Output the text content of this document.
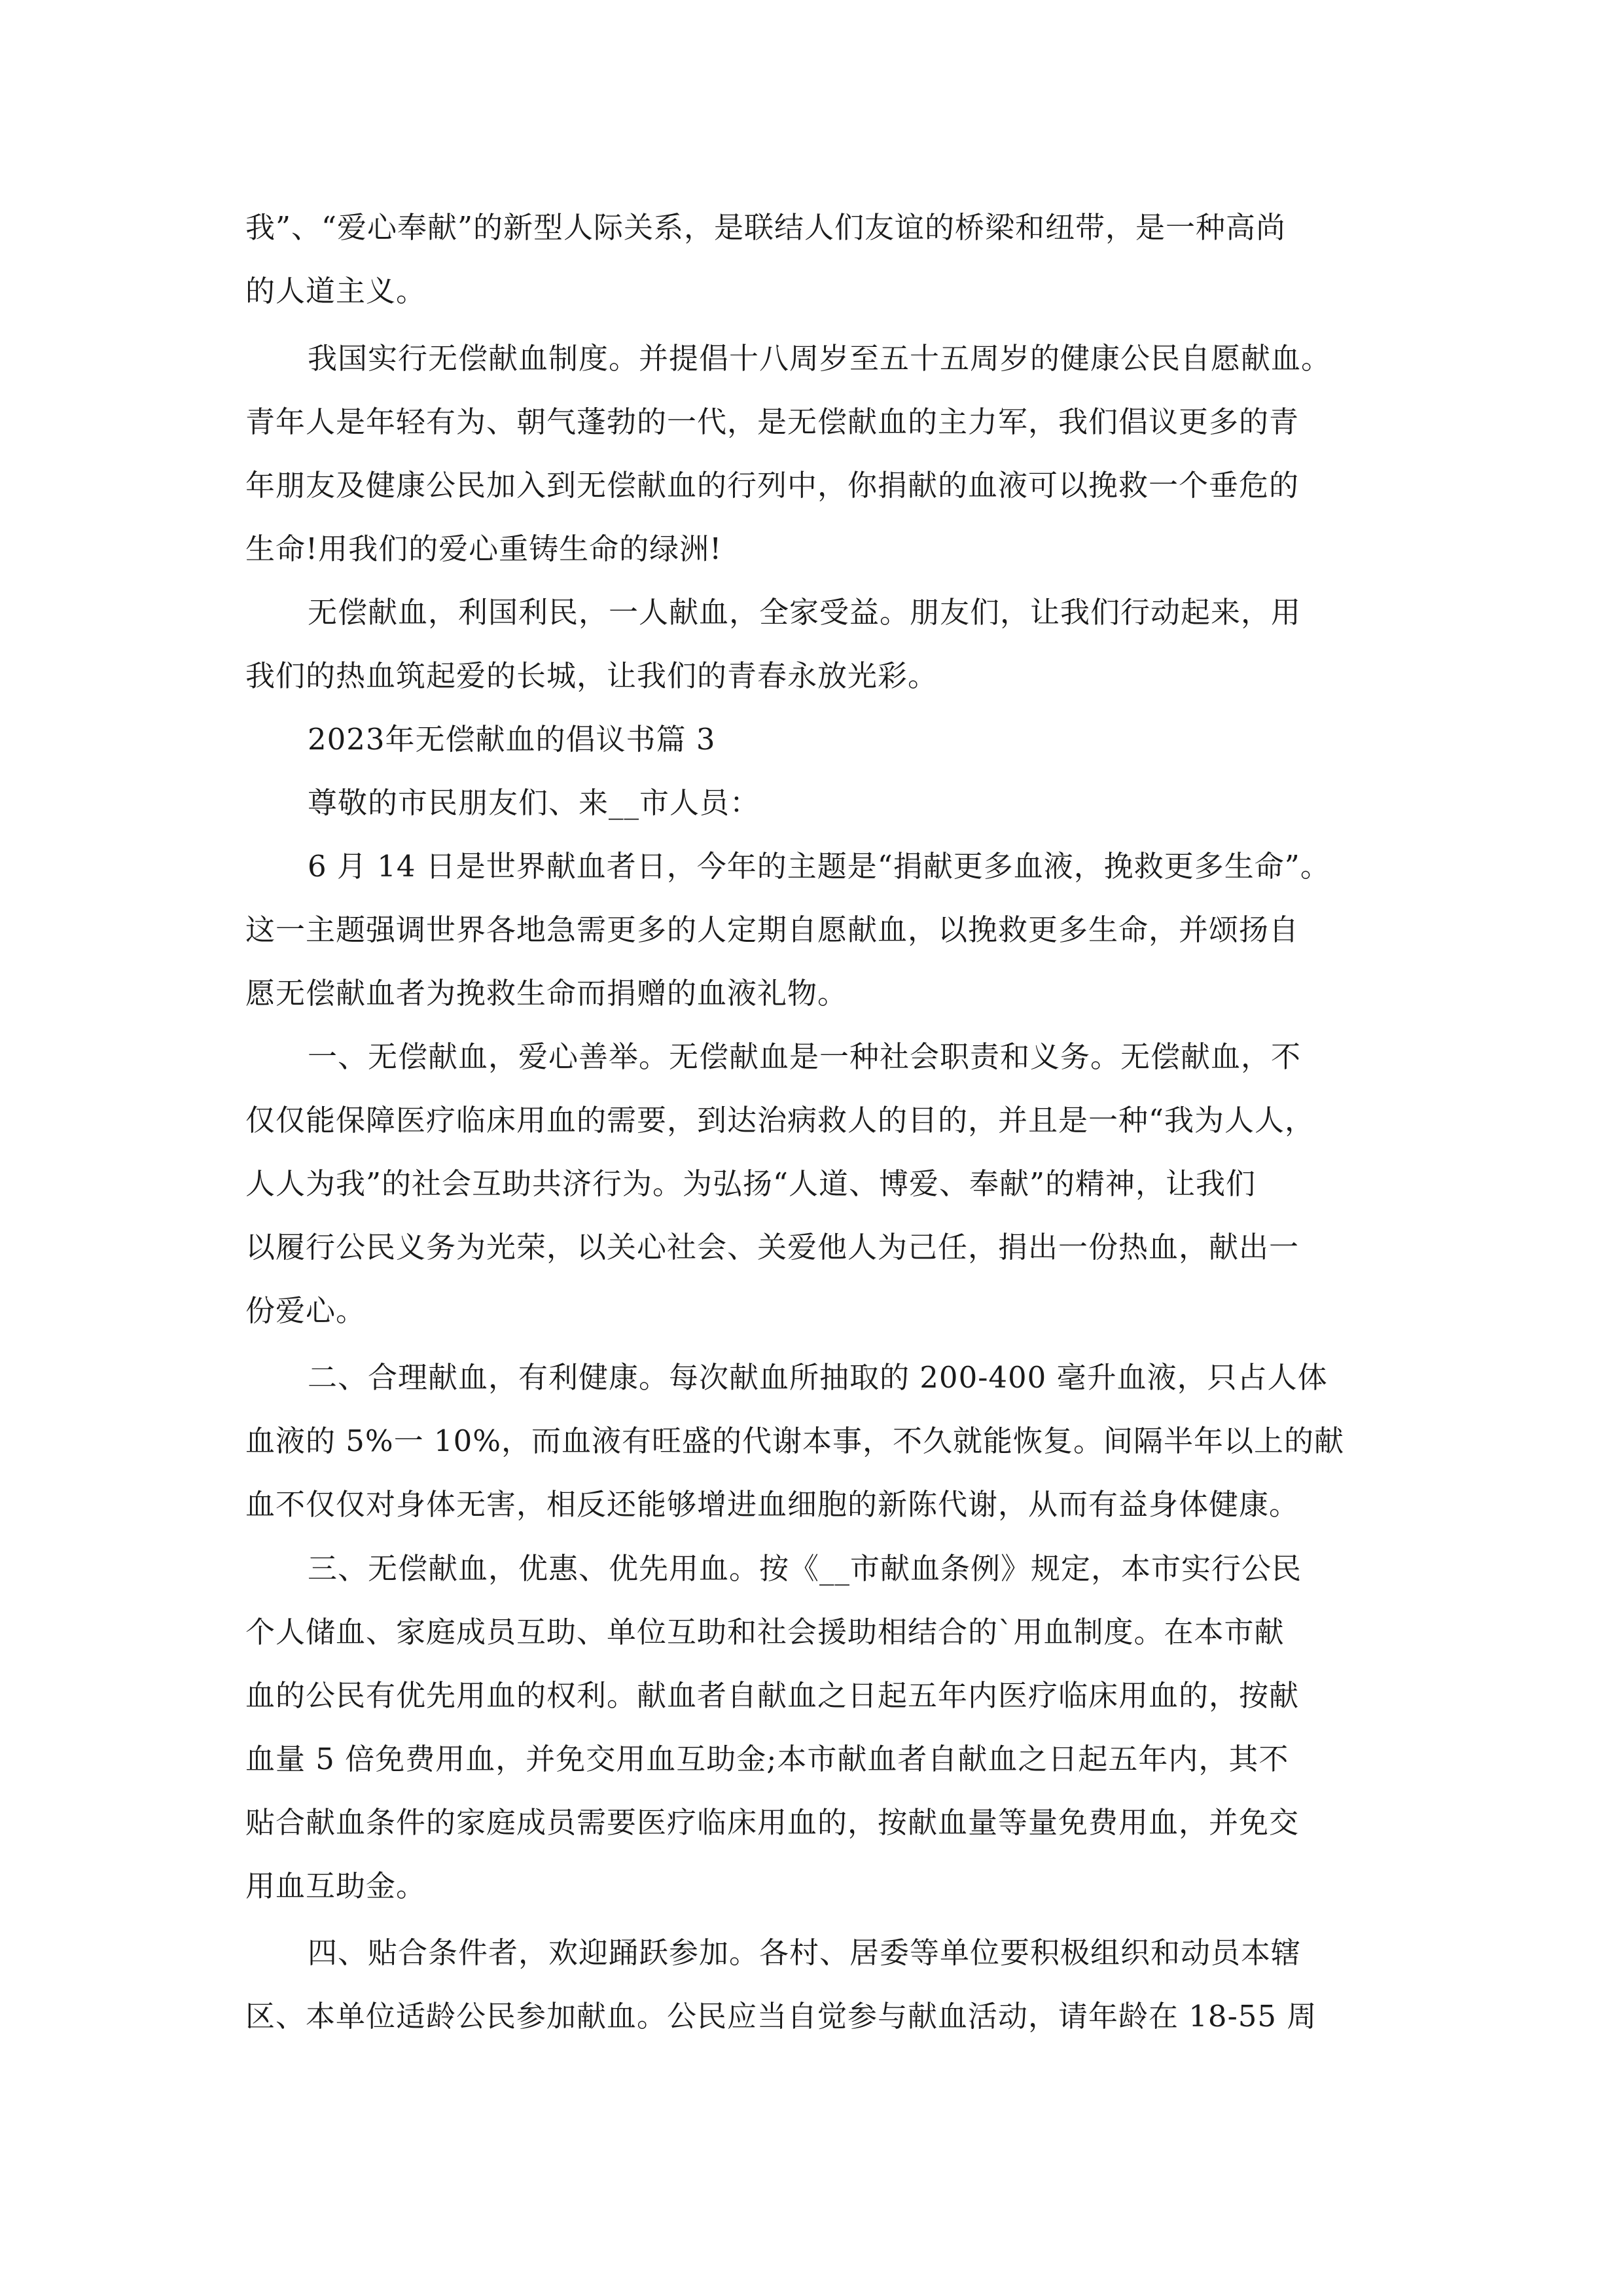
我”、“爱心奉献”的新型人际关系，是联结人们友谊的桥梁和纽带，是一种高尚
的人道主义。
我国实行无偿献血制度。并提倡十八周岁至五十五周岁的健康公民自愿献血。
青年人是年轻有为、朝气蓬勃的一代，是无偿献血的主力军，我们倡议更多的青
年朋友及健康公民加入到无偿献血的行列中，你捐献的血液可以挽救一个垂危的
生命!用我们的爱心重铸生命的绿洲!
无偿献血，利国利民，一人献血，全家受益。朋友们，让我们行动起来，用
我们的热血筑起爱的长城，让我们的青春永放光彩。
2023年无偿献血的倡议书篇 3
尊敬的市民朋友们、来__市人员：
6 月 14 日是世界献血者日，今年的主题是“捐献更多血液，挽救更多生命”。
这一主题强调世界各地急需更多的人定期自愿献血，以挽救更多生命，并颂扬自
愿无偿献血者为挽救生命而捐赠的血液礼物。
一、无偿献血，爱心善举。无偿献血是一种社会职责和义务。无偿献血，不
仅仅能保障医疗临床用血的需要，到达治病救人的目的，并且是一种“我为人人，
人人为我”的社会互助共济行为。为弘扬“人道、博爱、奉献”的精神，让我们
以履行公民义务为光荣，以关心社会、关爱他人为己任，捐出一份热血，献出一
份爱心。
二、合理献血，有利健康。每次献血所抽取的 200-400 毫升血液，只占人体
血液的 5%一 10%，而血液有旺盛的代谢本事，不久就能恢复。间隔半年以上的献
血不仅仅对身体无害，相反还能够增进血细胞的新陈代谢，从而有益身体健康。
三、无偿献血，优惠、优先用血。按《__市献血条例》规定，本市实行公民
个人储血、家庭成员互助、单位互助和社会援助相结合的`用血制度。在本市献
血的公民有优先用血的权利。献血者自献血之日起五年内医疗临床用血的，按献
血量 5 倍免费用血，并免交用血互助金;本市献血者自献血之日起五年内，其不
贴合献血条件的家庭成员需要医疗临床用血的，按献血量等量免费用血，并免交
用血互助金。
四、贴合条件者，欢迎踊跃参加。各村、居委等单位要积极组织和动员本辖
区、本单位适龄公民参加献血。公民应当自觉参与献血活动，请年龄在 18-55 周
